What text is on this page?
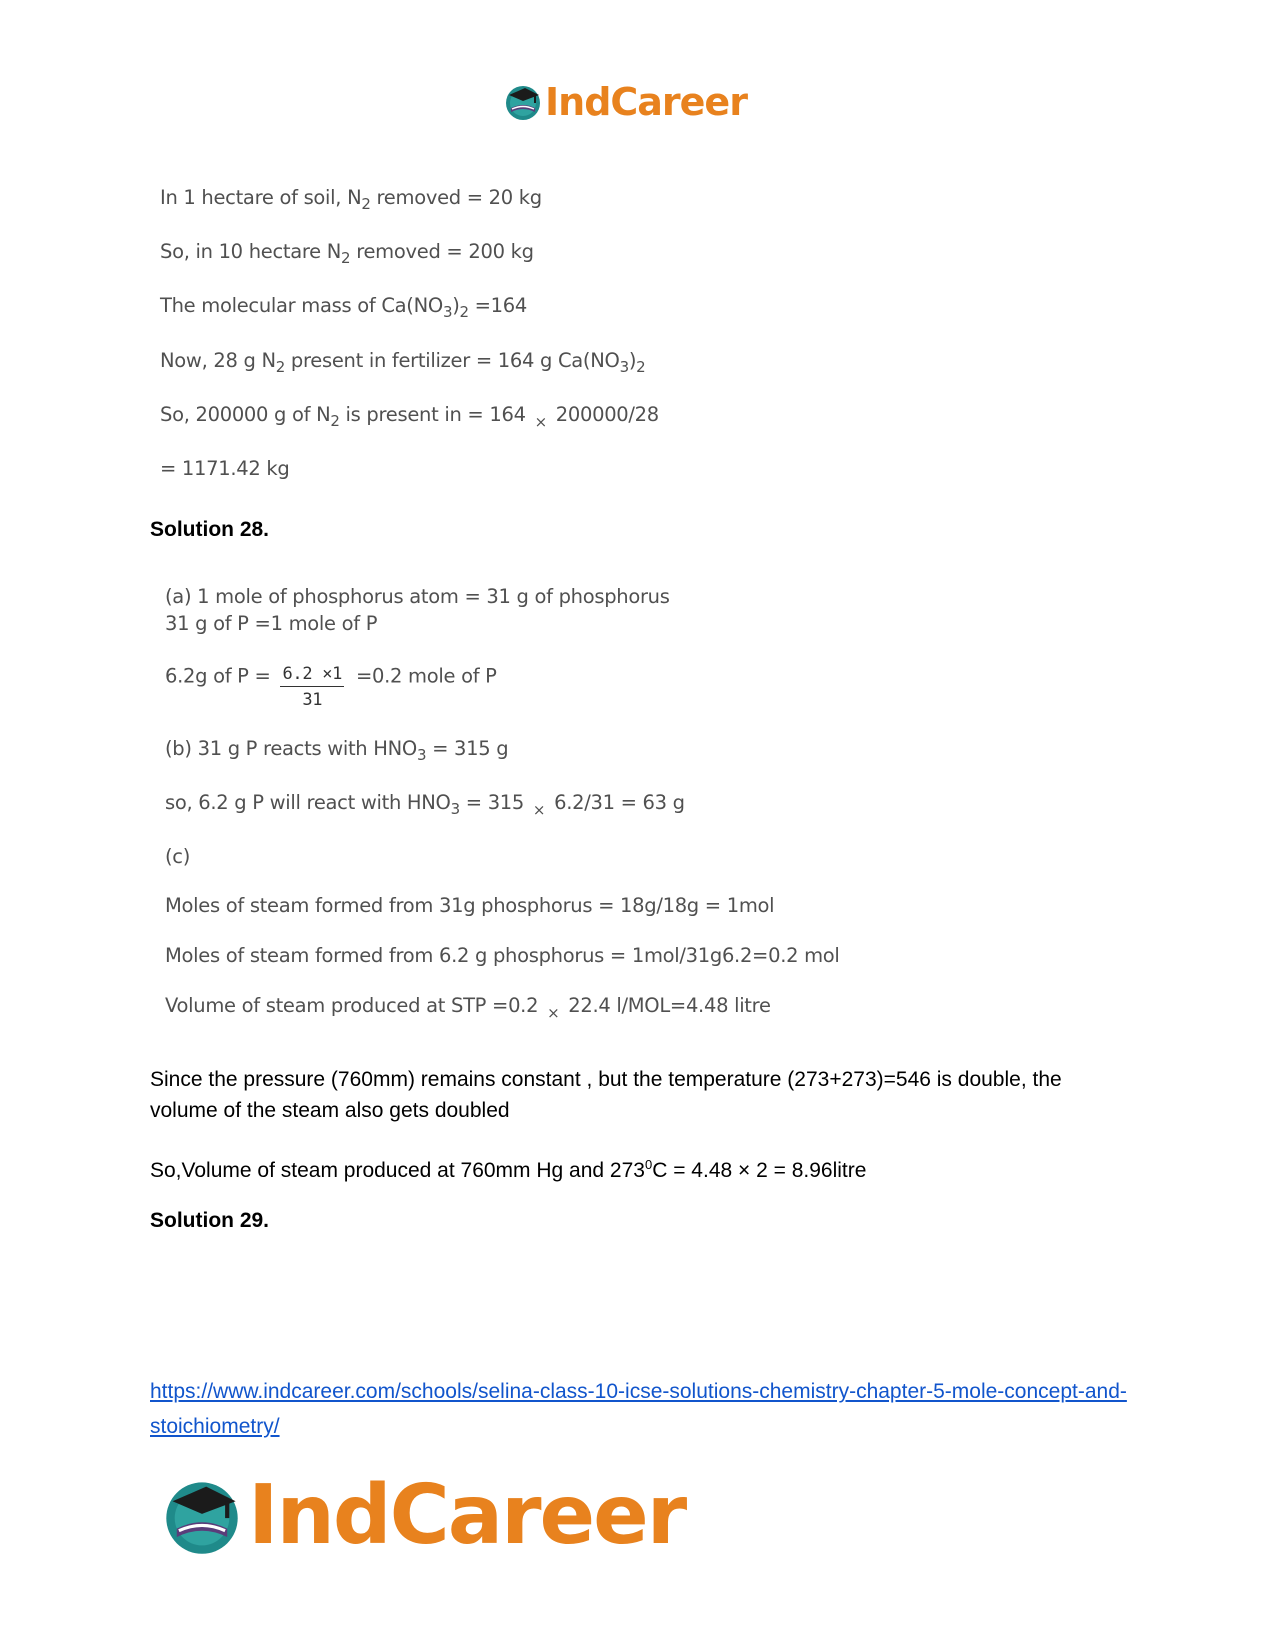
IndCareer
In 1 hectare of soil, $N_2$ removed = 20 kg
So, in 10 hectare $N_2$ removed = 200 kg
The molecular mass of $Ca(NO_3)_2 =164$
Now, 28 g $N_2$ present in fertilizer = 164 g $Ca(NO_3)_2$
So, 200000 g of $N_2$ is present in = 164 $_\times$ 200000/28
= 1171.42 kg
Solution 28.
(a) 1 mole of phosphorus atom = 31 g of phosphorus
31 g of P =1 mole of P
6.2g of $P = \frac{6.2 \times 1}{31} =0.2$ mole of P
(b) 31 g P reacts with $HNO_3 = 315$ g
so, 6.2 g P will react with $HNO_3 = 315$ $_\times$ 6.2/31 = 63 g
(c)
Moles of steam formed from 31g phosphorus = 18g/18g = 1mol
Moles of steam formed from 6.2 g phosphorus = 1mol/31g6.2=0.2 mol
Volume of steam produced at STP =0.2 $_\times$ 22.4 l/MOL=4.48 litre
Since the pressure (760mm) remains constant , but the temperature (273+273)=546 is double, the volume of the steam also gets doubled
So,Volume of steam produced at 760mm Hg and $273^0C = 4.48 \times 2$ = 8.96litre
Solution 29.
https://www.indcareer.com/schools/selina-class-10-icse-solutions-chemistry-chapter-5-mole-concept-and-stoichiometry/
IndCareer
